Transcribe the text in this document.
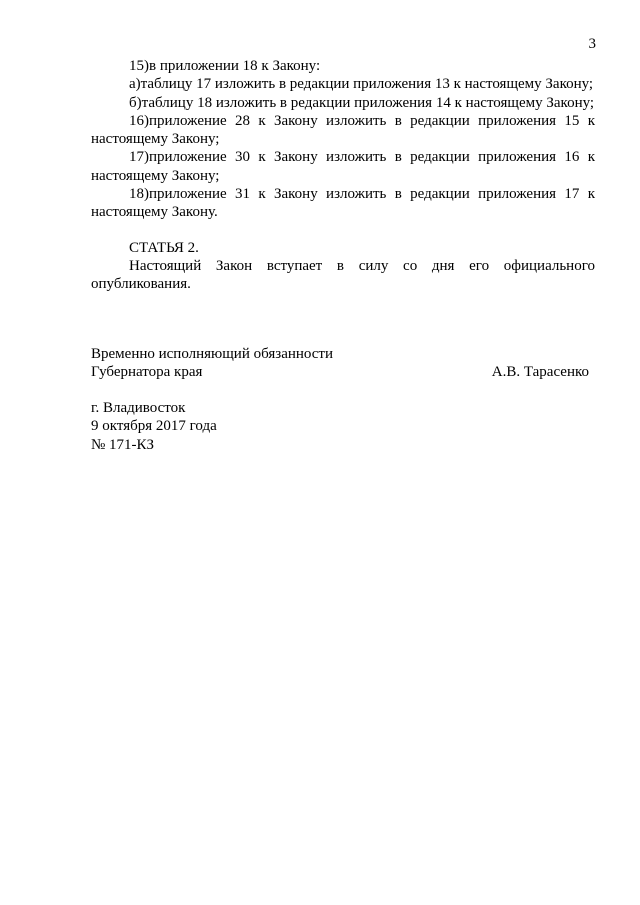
3

15)в приложении 18 к Закону:

а)таблицу 17 изложить в редакции приложения 13 к настоящему Закону;

б)таблицу 18 изложить в редакции приложения 14 к настоящему Закону;

16)приложение 28 к Закону изложить в редакции приложения 15 к настоящему Закону;

17)приложение 30 к Закону изложить в редакции приложения 16 к настоящему Закону;

18)приложение 31 к Закону изложить в редакции приложения 17 к настоящему Закону.

СТАТЬЯ 2.

Настоящий Закон вступает в силу со дня его официального опубликования.

Временно исполняющий обязанности

Губернатора края	А.В. Тарасенко

г. Владивосток

9 октября 2017 года

№ 171-КЗ
